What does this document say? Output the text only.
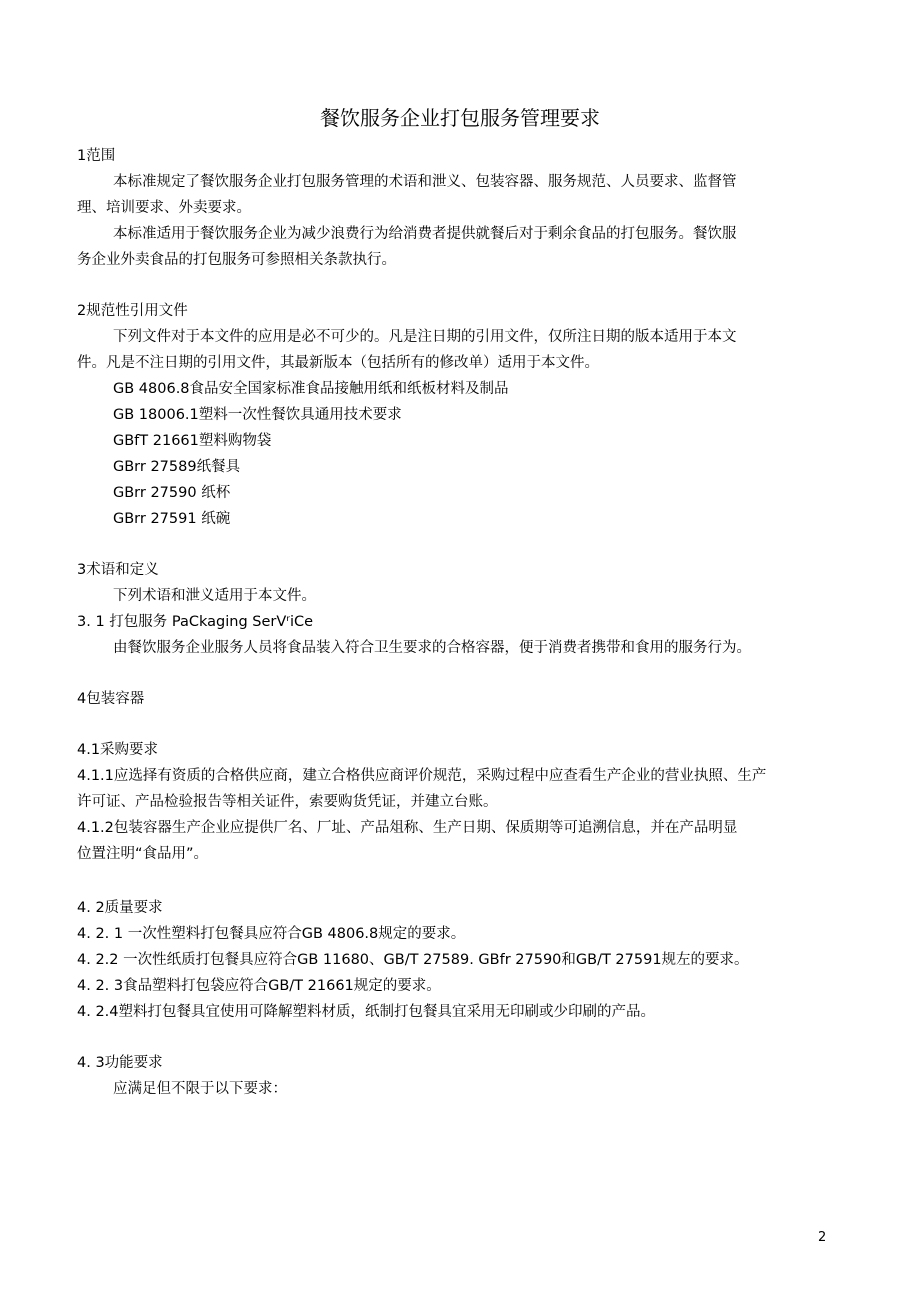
餐饮服务企业打包服务管理要求
1范围
本标准规定了餐饮服务企业打包服务管理的术语和泄义、包装容器、服务规范、人员要求、监督管
理、培训要求、外卖要求。
本标准适用于餐饮服务企业为减少浪费行为给消费者提供就餐后对于剩余食品的打包服务。餐饮服
务企业外卖食品的打包服务可参照相关条款执行。
2规范性引用文件
下列文件对于本文件的应用是必不可少的。凡是注日期的引用文件，仅所注日期的版本适用于本文
件。凡是不注日期的引用文件，其最新版本（包括所有的修改单）适用于本文件。
GB 4806.8食品安全国家标准食品接触用纸和纸板材料及制品
GB 18006.1塑料一次性餐饮具通用技术要求
GBfT 21661塑料购物袋
GBrr 27589纸餐具
GBrr 27590 纸杯
GBrr 27591 纸碗
3术语和定义
下列术语和泄义适用于本文件。
3. 1 打包服务 PaCkaging SerVʳiCe
由餐饮服务企业服务人员将食品装入符合卫生要求的合格容器，便于消费者携带和食用的服务行为。
4包装容器
4.1采购要求
4.1.1应选择有资质的合格供应商，建立合格供应商评价规范，采购过程中应查看生产企业的营业执照、生产
许可证、产品检验报告等相关证件，索要购货凭证，并建立台账。
4.1.2包装容器生产企业应提供厂名、厂址、产品俎称、生产日期、保质期等可追溯信息，并在产品明显
位置注明“食品用”。
4. 2质量要求
4. 2. 1 一次性塑料打包餐具应符合GB 4806.8规定的要求。
4. 2.2 一次性纸质打包餐具应符合GB 11680、GB/T 27589. GBfr 27590和GB/T 27591规左的要求。
4. 2. 3食品塑料打包袋应符合GB/T 21661规定的要求。
4. 2.4塑料打包餐具宜使用可降解塑料材质，纸制打包餐具宜采用无印刷或少印刷的产品。
4. 3功能要求
应满足但不限于以下要求：
2
